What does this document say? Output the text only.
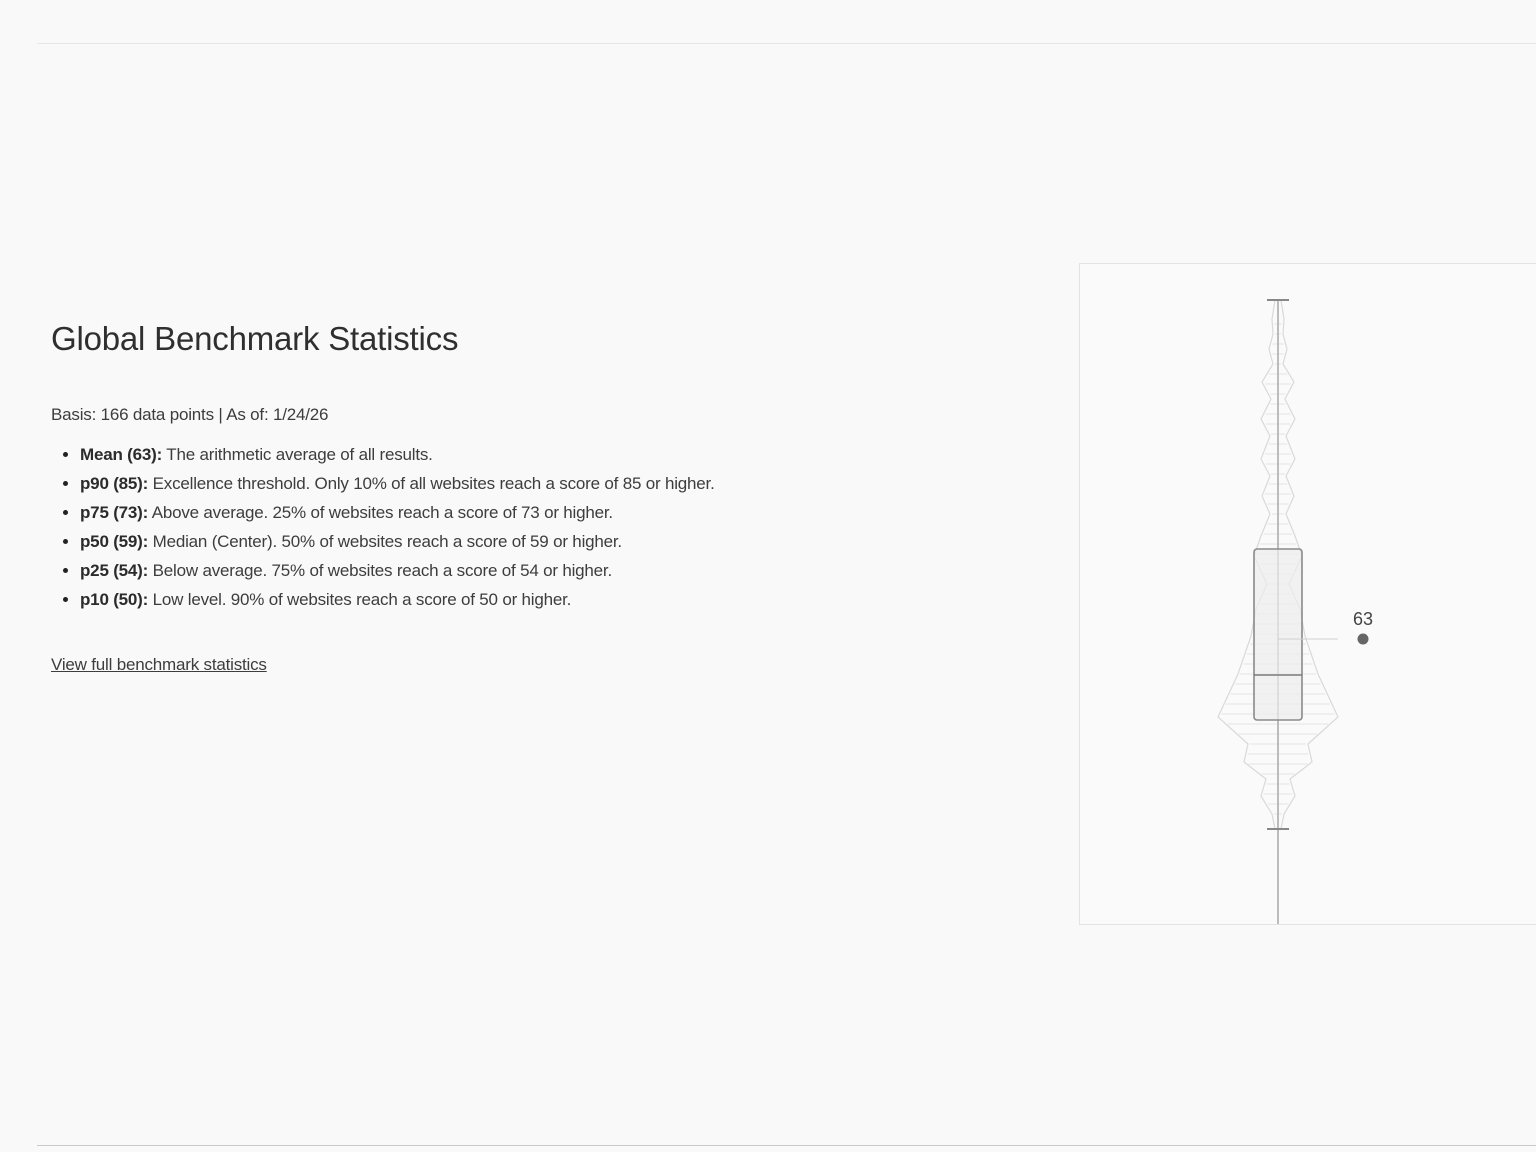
Global Benchmark Statistics
Basis: 166 data points | As of: 1/24/26
• Mean (63): The arithmetic average of all results.
• p90 (85): Excellence threshold. Only 10% of all websites reach a score of 85 or higher.
• p75 (73): Above average. 25% of websites reach a score of 73 or higher.
• p50 (59): Median (Center). 50% of websites reach a score of 59 or higher.
• p25 (54): Below average. 75% of websites reach a score of 54 or higher.
• p10 (50): Low level. 90% of websites reach a score of 50 or higher.
View full benchmark statistics
63
